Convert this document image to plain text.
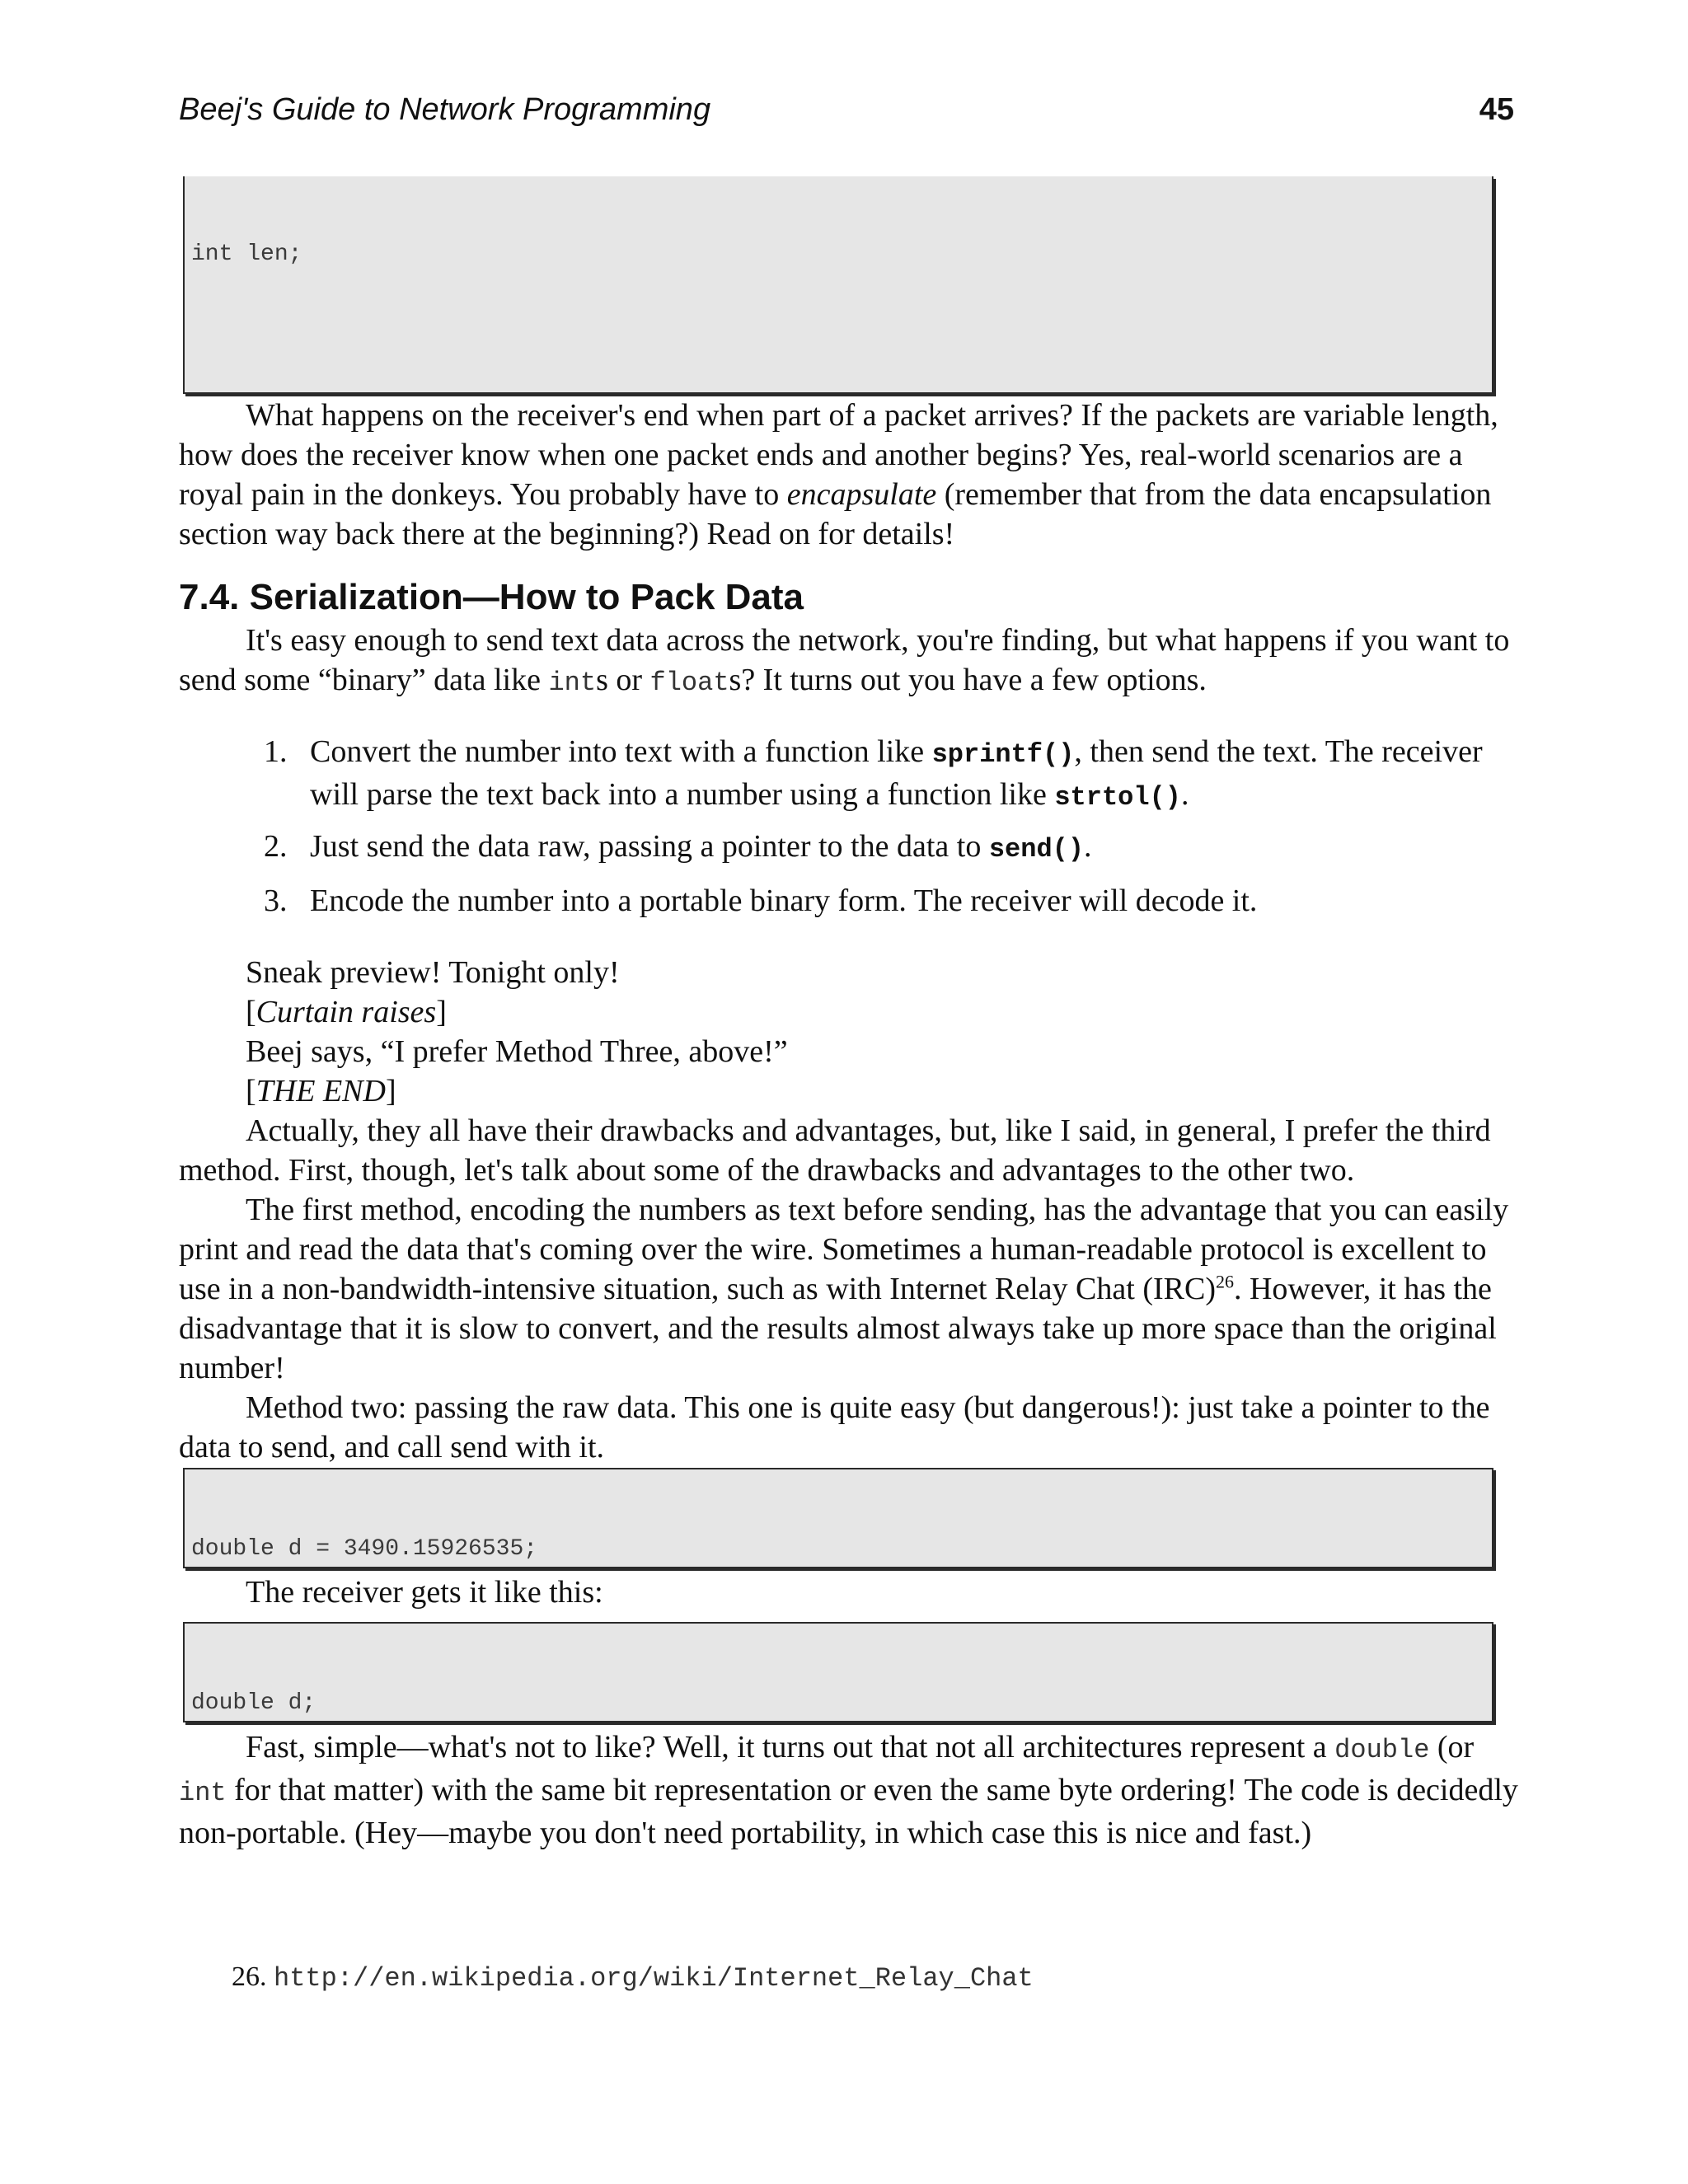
Beej's Guide to Network Programming	45

int len;

What happens on the receiver's end when part of a packet arrives? If the packets are variable length, how does the receiver know when one packet ends and another begins? Yes, real-world scenarios are a royal pain in the donkeys. You probably have to encapsulate (remember that from the data encapsulation section way back there at the beginning?) Read on for details!

7.4. Serialization—How to Pack Data

It's easy enough to send text data across the network, you're finding, but what happens if you want to send some “binary” data like ints or floats? It turns out you have a few options.

1. Convert the number into text with a function like sprintf(), then send the text. The receiver will parse the text back into a number using a function like strtol().
2. Just send the data raw, passing a pointer to the data to send().
3. Encode the number into a portable binary form. The receiver will decode it.
Sneak preview! Tonight only!
[Curtain raises]
Beej says, “I prefer Method Three, above!”
[THE END]

Actually, they all have their drawbacks and advantages, but, like I said, in general, I prefer the third method. First, though, let's talk about some of the drawbacks and advantages to the other two.

The first method, encoding the numbers as text before sending, has the advantage that you can easily print and read the data that's coming over the wire. Sometimes a human-readable protocol is excellent to use in a non-bandwidth-intensive situation, such as with Internet Relay Chat (IRC)$^{26}$. However, it has the disadvantage that it is slow to convert, and the results almost always take up more space than the original number!

Method two: passing the raw data. This one is quite easy (but dangerous!): just take a pointer to the data to send, and call send with it.

double d = 3490.15926535;

The receiver gets it like this:

double d;

Fast, simple—what's not to like? Well, it turns out that not all architectures represent a double (or int for that matter) with the same bit representation or even the same byte ordering! The code is decidedly non-portable. (Hey—maybe you don't need portability, in which case this is nice and fast.)

26. http://en.wikipedia.org/wiki/Internet_Relay_Chat
